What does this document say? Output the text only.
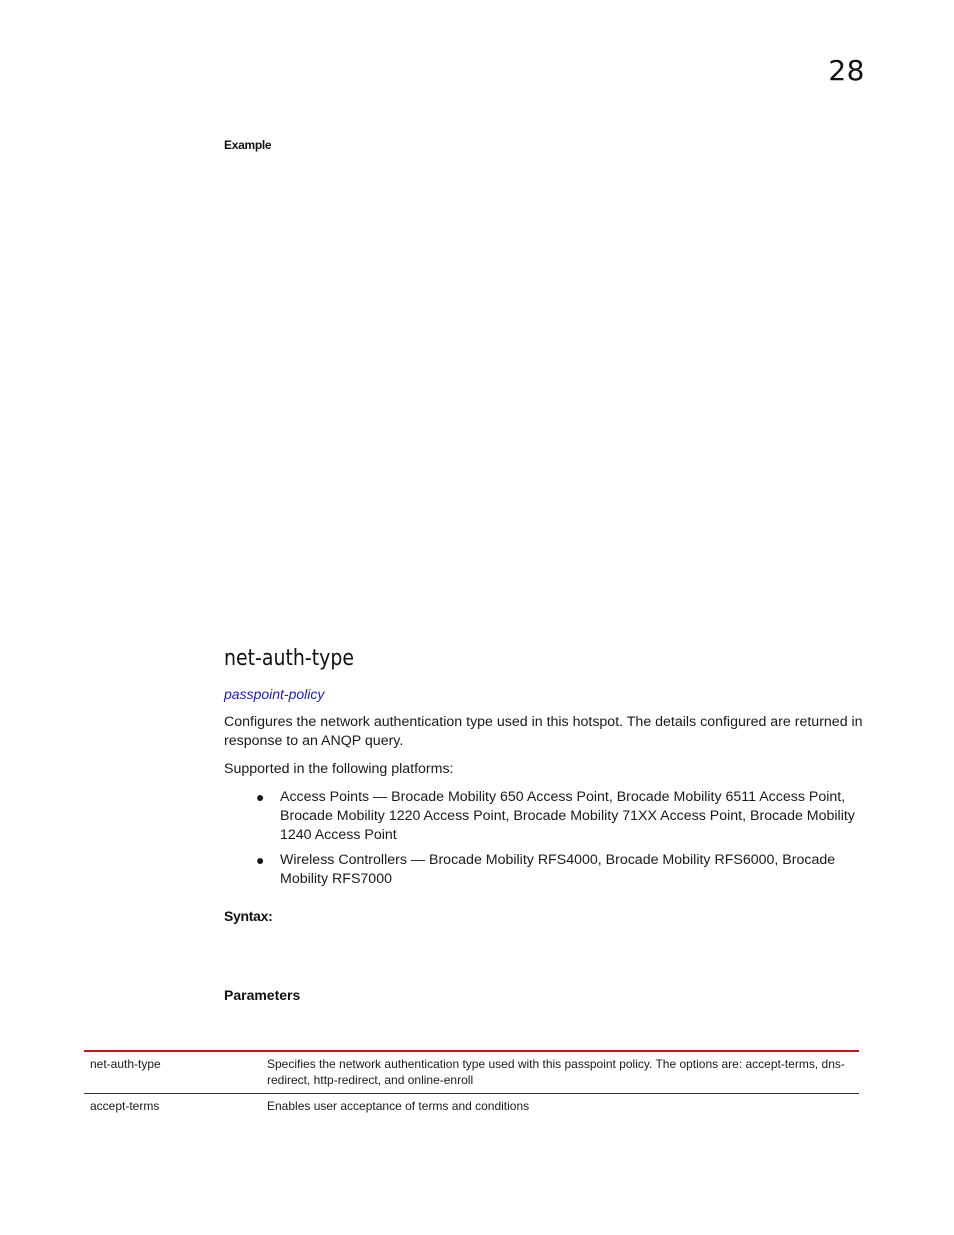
28
Example
net-auth-type
passpoint-policy

Configures the network authentication type used in this hotspot. The details configured are returned in response to an ANQP query.

Supported in the following platforms:

● Access Points — Brocade Mobility 650 Access Point, Brocade Mobility 6511 Access Point, Brocade Mobility 1220 Access Point, Brocade Mobility 71XX Access Point, Brocade Mobility 1240 Access Point
● Wireless Controllers — Brocade Mobility RFS4000, Brocade Mobility RFS6000, Brocade Mobility RFS7000
Syntax:
Parameters
net-auth-type	Specifies the network authentication type used with this passpoint policy. The options are: accept-terms, dns-redirect, http-redirect, and online-enroll
accept-terms	Enables user acceptance of terms and conditions
